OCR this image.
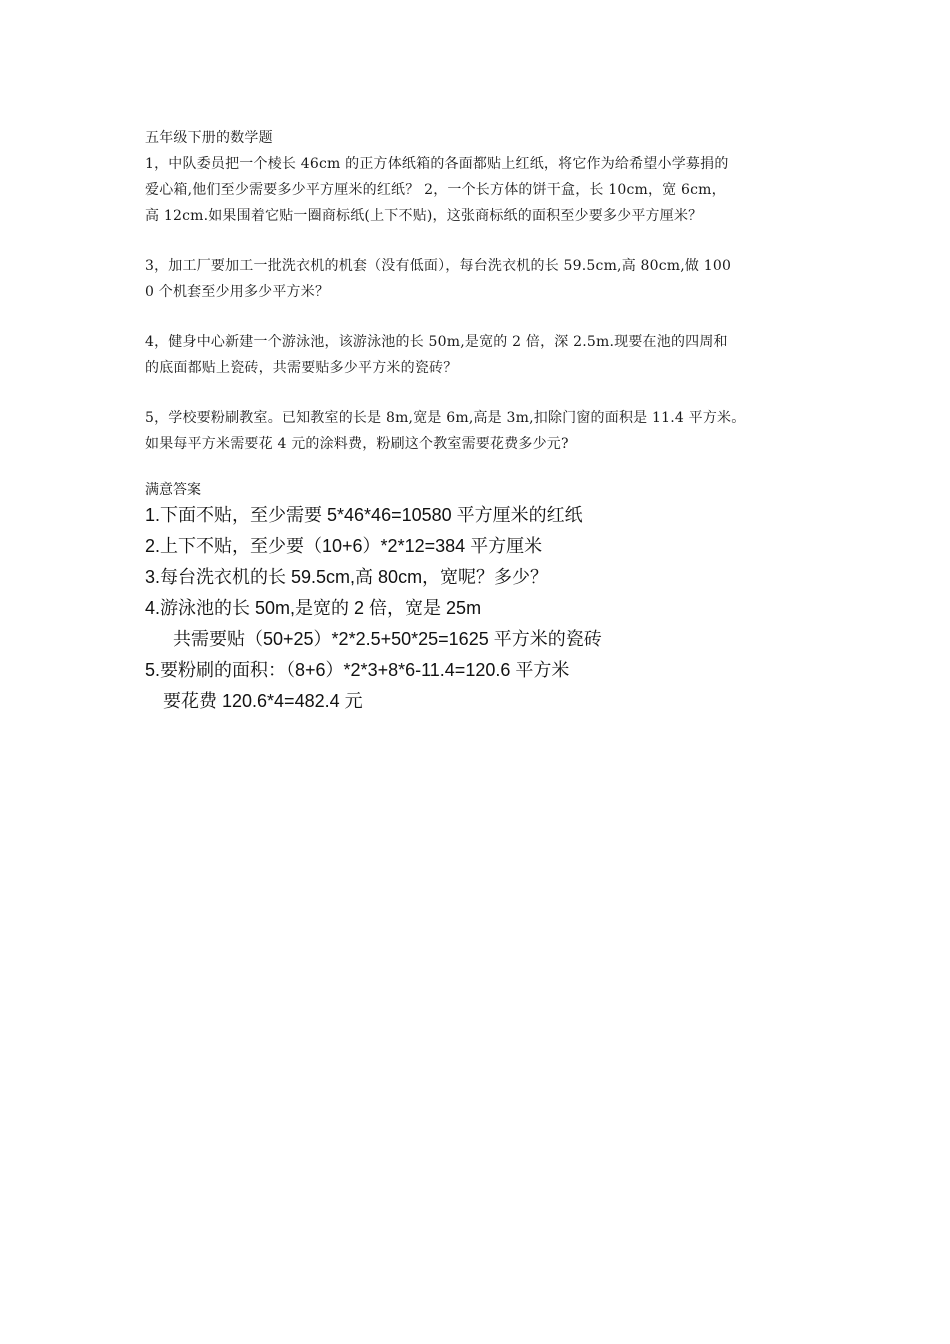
五年级下册的数学题
1，中队委员把一个棱长 46cm 的正方体纸箱的各面都贴上红纸，将它作为给希望小学募捐的
爱心箱,他们至少需要多少平方厘米的红纸？ 2，一个长方体的饼干盒，长 10cm，宽 6cm，
高 12cm.如果围着它贴一圈商标纸(上下不贴)，这张商标纸的面积至少要多少平方厘米？
3，加工厂要加工一批洗衣机的机套（没有低面），每台洗衣机的长 59.5cm,高 80cm,做 100
0 个机套至少用多少平方米？
4，健身中心新建一个游泳池，该游泳池的长 50m,是宽的 2 倍，深 2.5m.现要在池的四周和
的底面都贴上瓷砖，共需要贴多少平方米的瓷砖？
5，学校要粉刷教室。已知教室的长是 8m,宽是 6m,高是 3m,扣除门窗的面积是 11.4 平方米。
如果每平方米需要花 4 元的涂料费，粉刷这个教室需要花费多少元?
满意答案
1.下面不贴，至少需要 5*46*46=10580 平方厘米的红纸
2.上下不贴，至少要（10+6）*2*12=384 平方厘米
3.每台洗衣机的长 59.5cm,高 80cm，宽呢？多少？
4.游泳池的长 50m,是宽的 2 倍，宽是 25m
共需要贴（50+25）*2*2.5+50*25=1625 平方米的瓷砖
5.要粉刷的面积：（8+6）*2*3+8*6-11.4=120.6 平方米
要花费 120.6*4=482.4 元
